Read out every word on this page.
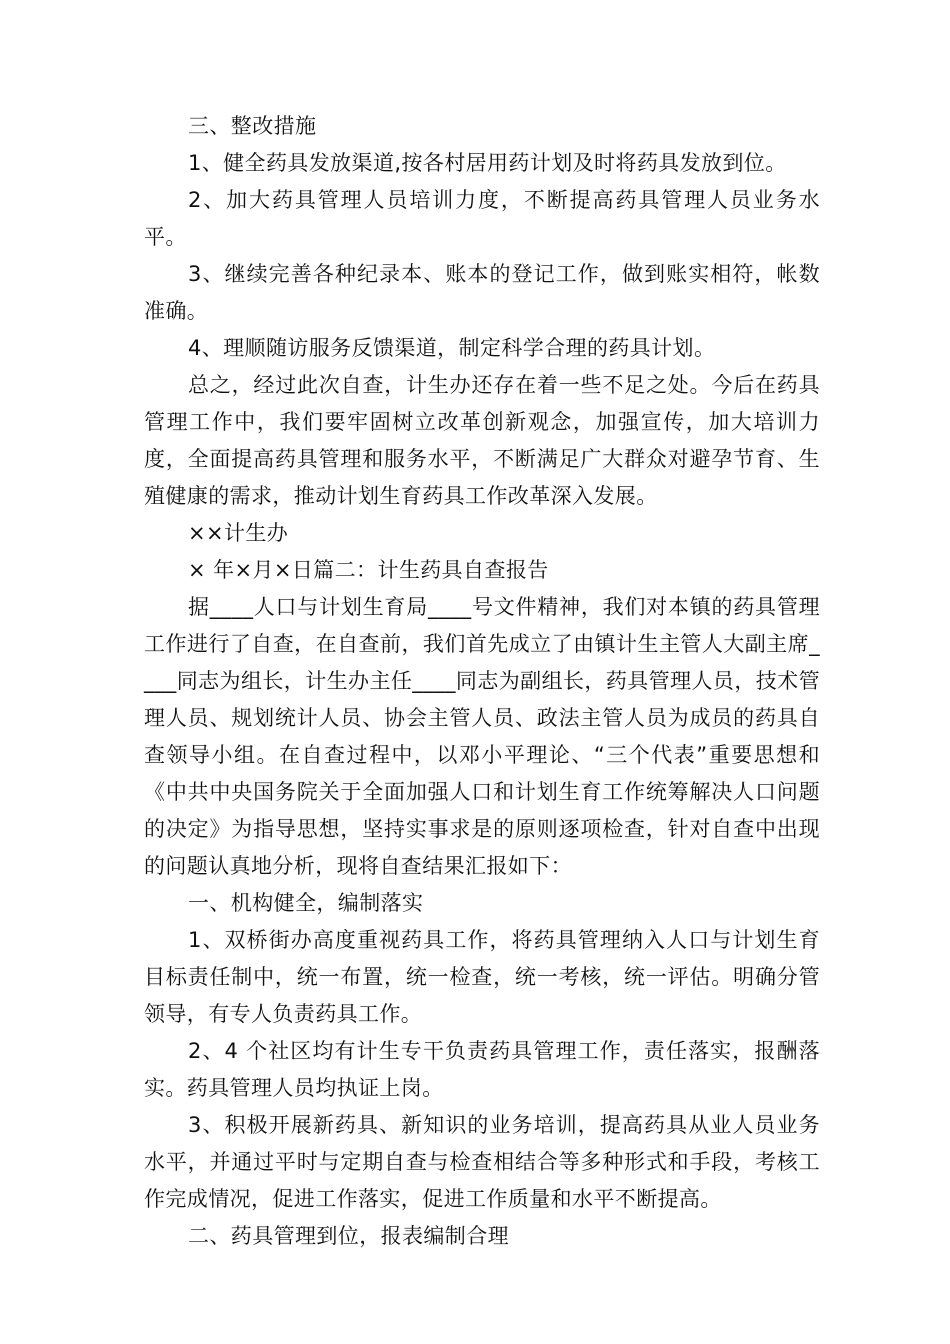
三、整改措施

1、健全药具发放渠道,按各村居用药计划及时将药具发放到位。

2、加大药具管理人员培训力度，不断提高药具管理人员业务水平。

3、继续完善各种纪录本、账本的登记工作，做到账实相符，帐数准确。

4、理顺随访服务反馈渠道，制定科学合理的药具计划。

总之，经过此次自查，计生办还存在着一些不足之处。今后在药具管理工作中，我们要牢固树立改革创新观念，加强宣传，加大培训力度，全面提高药具管理和服务水平，不断满足广大群众对避孕节育、生殖健康的需求，推动计划生育药具工作改革深入发展。

××计生办

× 年×月×日篇二：计生药具自查报告

据____人口与计划生育局____号文件精神，我们对本镇的药具管理工作进行了自查，在自查前，我们首先成立了由镇计生主管人大副主席____同志为组长，计生办主任____同志为副组长，药具管理人员，技术管理人员、规划统计人员、协会主管人员、政法主管人员为成员的药具自查领导小组。在自查过程中，以邓小平理论、“三个代表”重要思想和《中共中央国务院关于全面加强人口和计划生育工作统筹解决人口问题的决定》为指导思想，坚持实事求是的原则逐项检查，针对自查中出现的问题认真地分析，现将自查结果汇报如下：

一、机构健全，编制落实

1、双桥街办高度重视药具工作，将药具管理纳入人口与计划生育目标责任制中，统一布置，统一检查，统一考核，统一评估。明确分管领导，有专人负责药具工作。

2、4 个社区均有计生专干负责药具管理工作，责任落实，报酬落实。药具管理人员均执证上岗。

3、积极开展新药具、新知识的业务培训，提高药具从业人员业务水平，并通过平时与定期自查与检查相结合等多种形式和手段，考核工作完成情况，促进工作落实，促进工作质量和水平不断提高。

二、药具管理到位，报表编制合理
